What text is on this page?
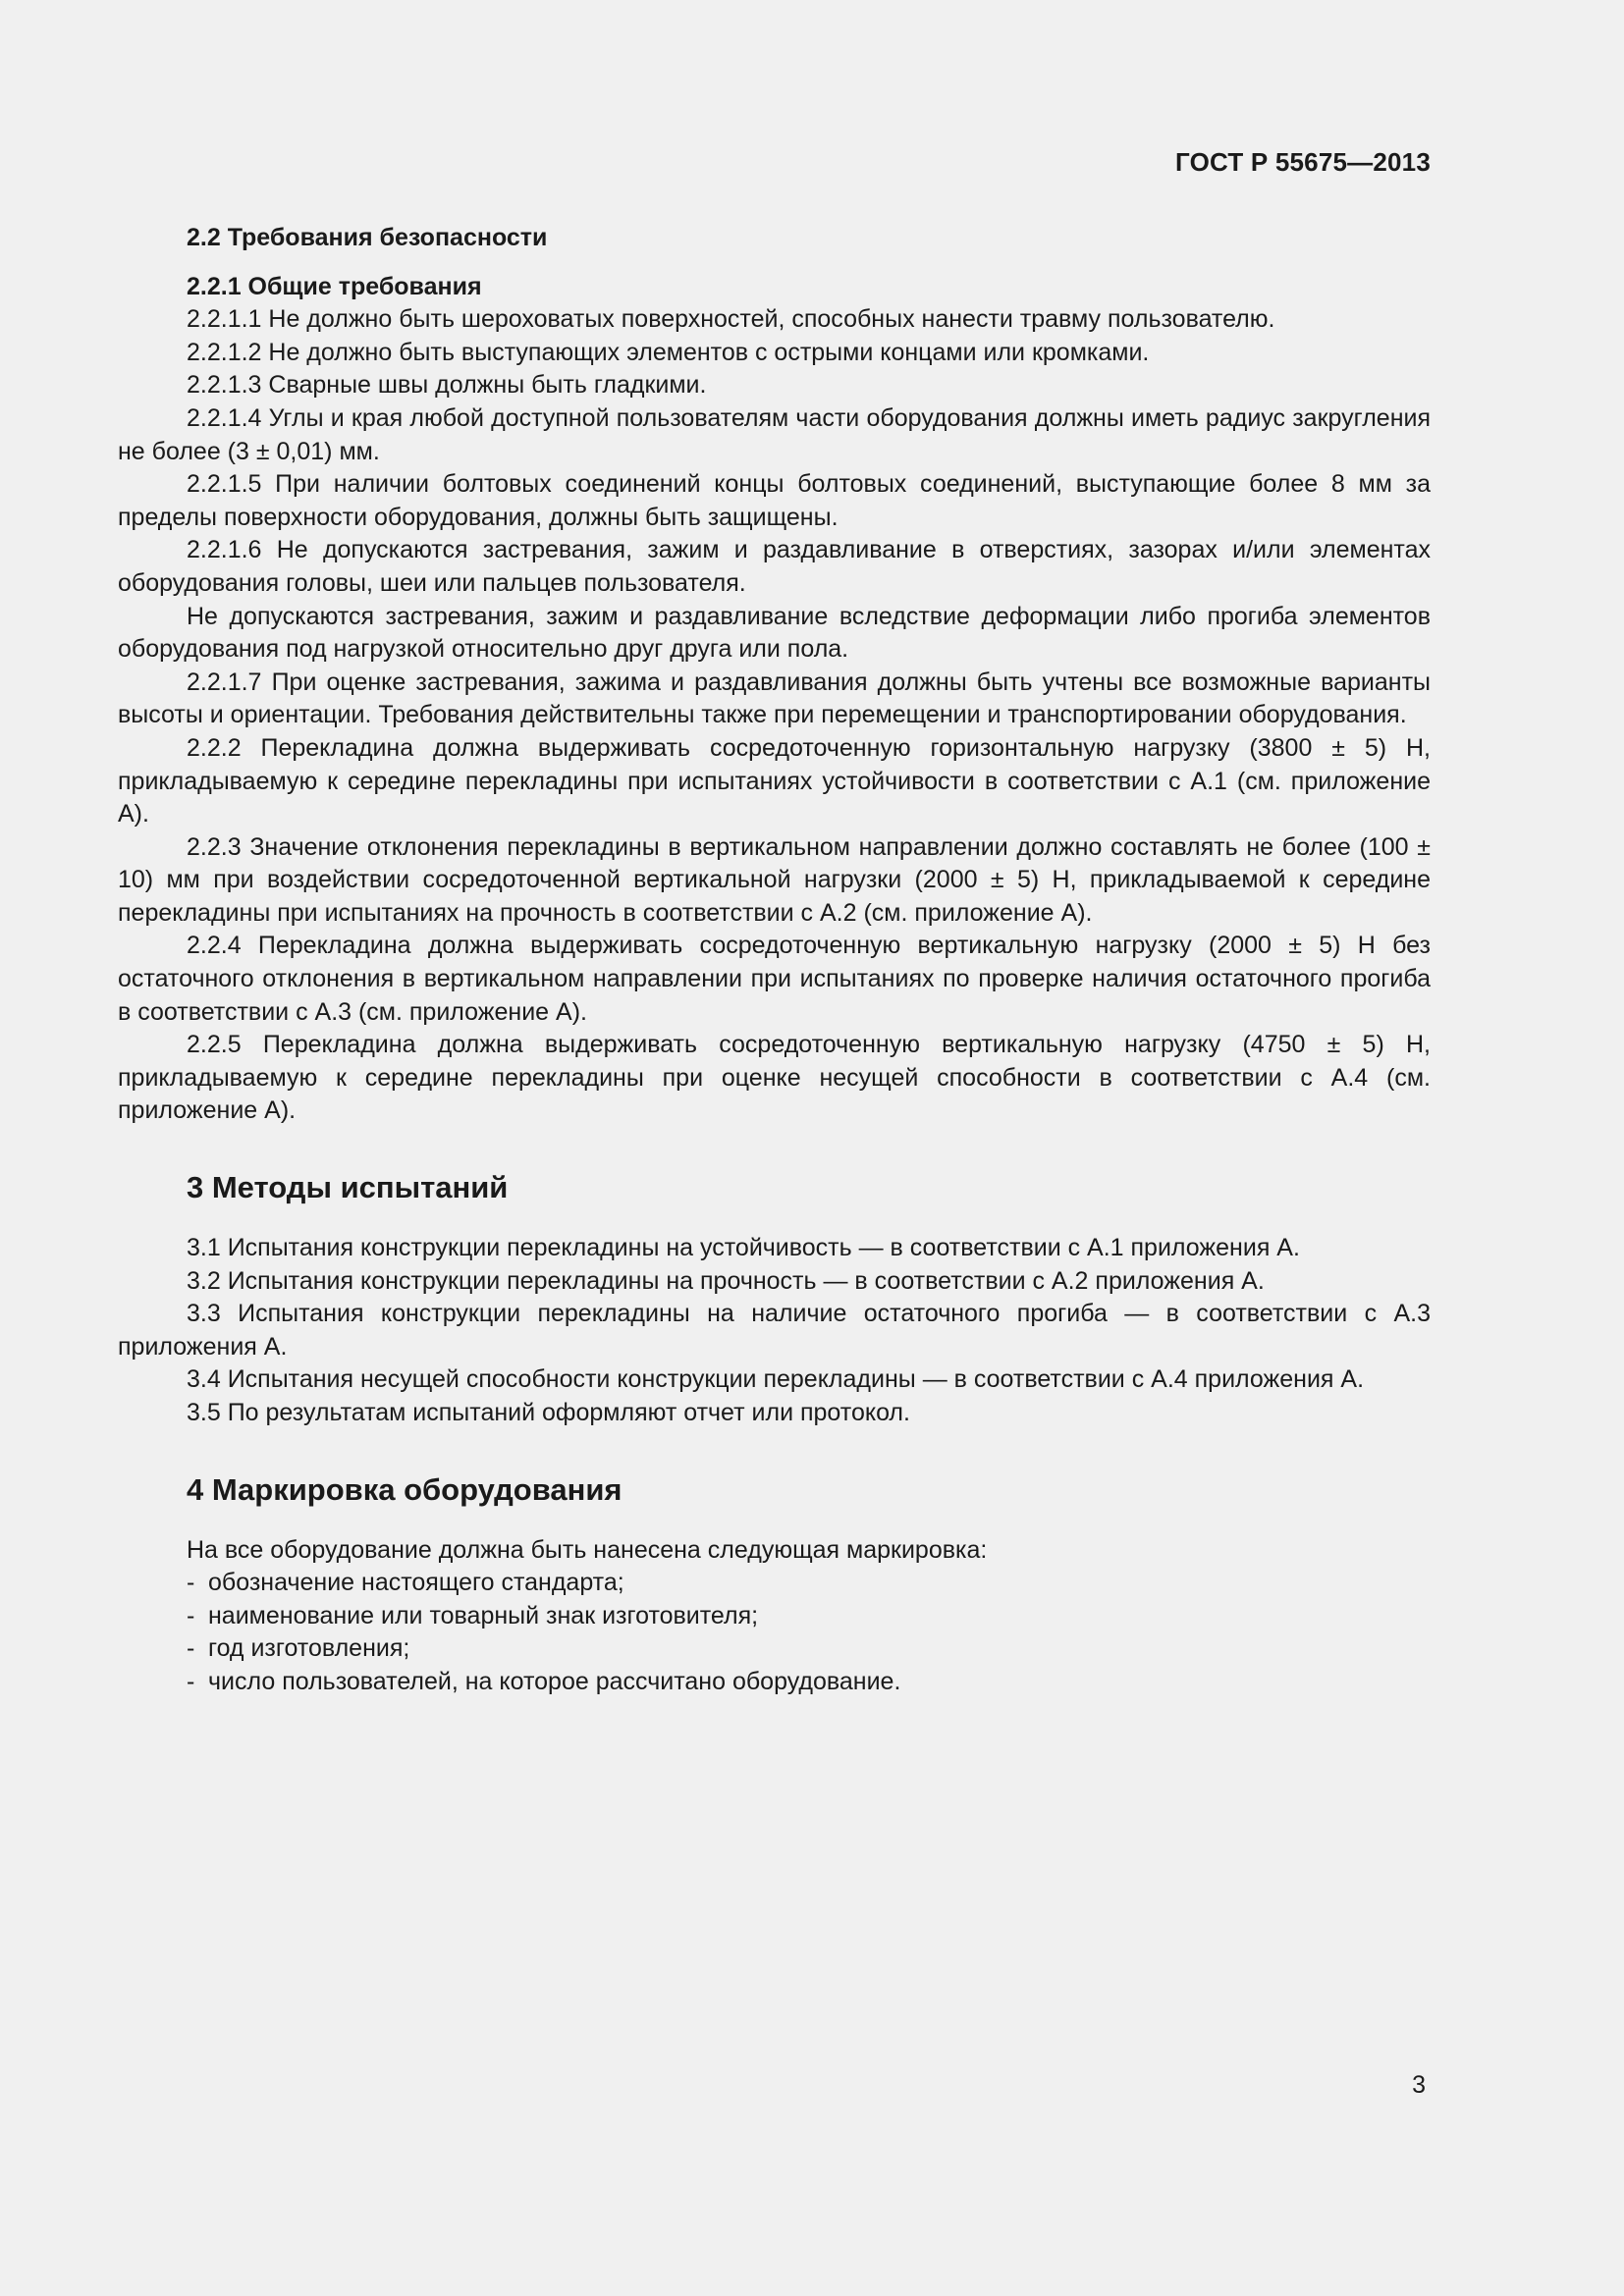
ГОСТ Р 55675—2013
2.2 Требования безопасности
2.2.1 Общие требования

2.2.1.1 Не должно быть шероховатых поверхностей, способных нанести травму пользователю.

2.2.1.2 Не должно быть выступающих элементов с острыми концами или кромками.

2.2.1.3 Сварные швы должны быть гладкими.

2.2.1.4 Углы и края любой доступной пользователям части оборудования должны иметь радиус закругления не более (3 ± 0,01) мм.

2.2.1.5 При наличии болтовых соединений концы болтовых соединений, выступающие более 8 мм за пределы поверхности оборудования, должны быть защищены.

2.2.1.6 Не допускаются застревания, зажим и раздавливание в отверстиях, зазорах и/или элементах оборудования головы, шеи или пальцев пользователя.

Не допускаются застревания, зажим и раздавливание вследствие деформации либо прогиба элементов оборудования под нагрузкой относительно друг друга или пола.

2.2.1.7 При оценке застревания, зажима и раздавливания должны быть учтены все возможные варианты высоты и ориентации. Требования действительны также при перемещении и транспортировании оборудования.

2.2.2 Перекладина должна выдерживать сосредоточенную горизонтальную нагрузку (3800 ± 5) Н, прикладываемую к середине перекладины при испытаниях устойчивости в соответствии с А.1 (см. приложение А).

2.2.3 Значение отклонения перекладины в вертикальном направлении должно составлять не более (100 ± 10) мм при воздействии сосредоточенной вертикальной нагрузки (2000 ± 5) Н, прикладываемой к середине перекладины при испытаниях на прочность в соответствии с А.2 (см. приложение А).

2.2.4 Перекладина должна выдерживать сосредоточенную вертикальную нагрузку (2000 ± 5) Н без остаточного отклонения в вертикальном направлении при испытаниях по проверке наличия остаточного прогиба в соответствии с А.3 (см. приложение А).

2.2.5 Перекладина должна выдерживать сосредоточенную вертикальную нагрузку (4750 ± 5) Н, прикладываемую к середине перекладины при оценке несущей способности в соответствии с А.4 (см. приложение А).

3 Методы испытаний

3.1 Испытания конструкции перекладины на устойчивость — в соответствии с А.1 приложения А.

3.2 Испытания конструкции перекладины на прочность — в соответствии с А.2 приложения А.

3.3 Испытания конструкции перекладины на наличие остаточного прогиба — в соответствии с А.3 приложения А.

3.4 Испытания несущей способности конструкции перекладины — в соответствии с А.4 приложения А.

3.5 По результатам испытаний оформляют отчет или протокол.

4 Маркировка оборудования
На все оборудование должна быть нанесена следующая маркировка:
- обозначение настоящего стандарта;
- наименование или товарный знак изготовителя;
- год изготовления;
- число пользователей, на которое рассчитано оборудование.
3
